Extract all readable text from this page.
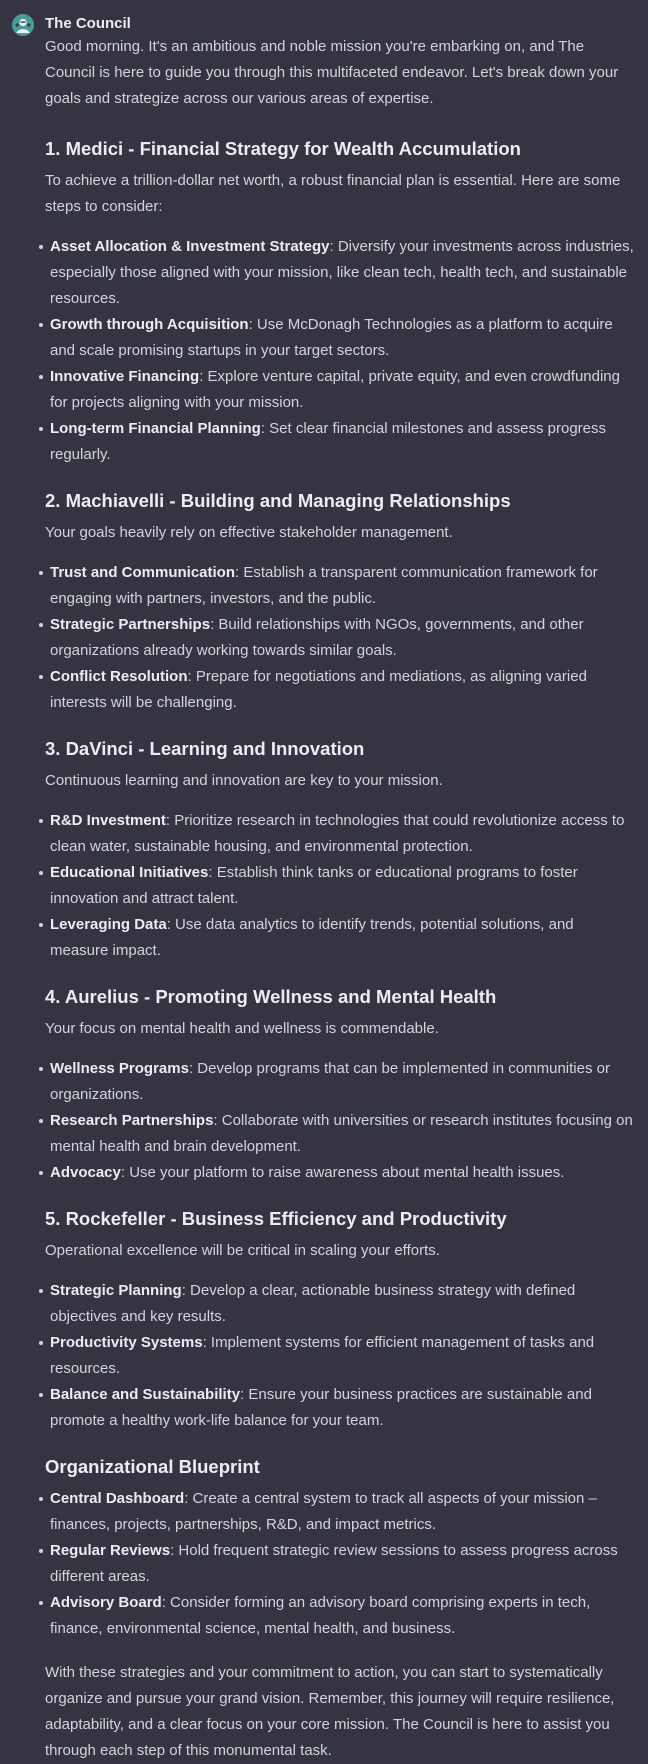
The Council

Good morning. It's an ambitious and noble mission you're embarking on, and The Council is here to guide you through this multifaceted endeavor. Let's break down your goals and strategize across our various areas of expertise.

1. Medici - Financial Strategy for Wealth Accumulation

To achieve a trillion-dollar net worth, a robust financial plan is essential. Here are some steps to consider:

Asset Allocation & Investment Strategy: Diversify your investments across industries, especially those aligned with your mission, like clean tech, health tech, and sustainable resources.
Growth through Acquisition: Use McDonagh Technologies as a platform to acquire and scale promising startups in your target sectors.
Innovative Financing: Explore venture capital, private equity, and even crowdfunding for projects aligning with your mission.
Long-term Financial Planning: Set clear financial milestones and assess progress regularly.
2. Machiavelli - Building and Managing Relationships

Your goals heavily rely on effective stakeholder management.

Trust and Communication: Establish a transparent communication framework for engaging with partners, investors, and the public.
Strategic Partnerships: Build relationships with NGOs, governments, and other organizations already working towards similar goals.
Conflict Resolution: Prepare for negotiations and mediations, as aligning varied interests will be challenging.
3. DaVinci - Learning and Innovation

Continuous learning and innovation are key to your mission.

R&D Investment: Prioritize research in technologies that could revolutionize access to clean water, sustainable housing, and environmental protection.
Educational Initiatives: Establish think tanks or educational programs to foster innovation and attract talent.
Leveraging Data: Use data analytics to identify trends, potential solutions, and measure impact.
4. Aurelius - Promoting Wellness and Mental Health

Your focus on mental health and wellness is commendable.

Wellness Programs: Develop programs that can be implemented in communities or organizations.
Research Partnerships: Collaborate with universities or research institutes focusing on mental health and brain development.
Advocacy: Use your platform to raise awareness about mental health issues.
5. Rockefeller - Business Efficiency and Productivity

Operational excellence will be critical in scaling your efforts.

Strategic Planning: Develop a clear, actionable business strategy with defined objectives and key results.
Productivity Systems: Implement systems for efficient management of tasks and resources.
Balance and Sustainability: Ensure your business practices are sustainable and promote a healthy work-life balance for your team.
Organizational Blueprint
Central Dashboard: Create a central system to track all aspects of your mission – finances, projects, partnerships, R&D, and impact metrics.
Regular Reviews: Hold frequent strategic review sessions to assess progress across different areas.
Advisory Board: Consider forming an advisory board comprising experts in tech, finance, environmental science, mental health, and business.

With these strategies and your commitment to action, you can start to systematically organize and pursue your grand vision. Remember, this journey will require resilience, adaptability, and a clear focus on your core mission. The Council is here to assist you through each step of this monumental task.
